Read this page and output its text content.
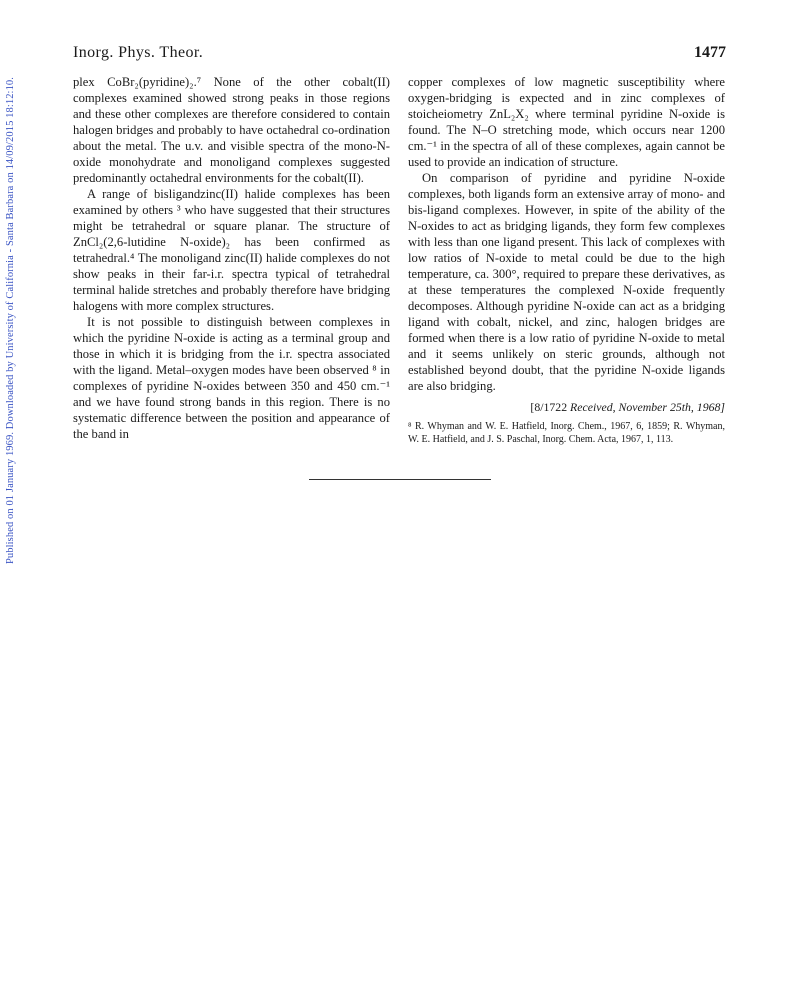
Published on 01 January 1969. Downloaded by University of California - Santa Barbara on 14/09/2015 18:12:10.
Inorg. Phys. Theor.	1477

plex CoBr₂(pyridine)₂.⁷ None of the other cobalt(II) complexes examined showed strong peaks in those regions and these other complexes are therefore considered to contain halogen bridges and probably to have octahedral co-ordination about the metal. The u.v. and visible spectra of the mono-N-oxide monohydrate and monoligand complexes suggested predominantly octahedral environments for the cobalt(II).

A range of bisligandzinc(II) halide complexes has been examined by others ³ who have suggested that their structures might be tetrahedral or square planar. The structure of ZnCl₂(2,6-lutidine N-oxide)₂ has been confirmed as tetrahedral.⁴ The monoligand zinc(II) halide complexes do not show peaks in their far-i.r. spectra typical of tetrahedral terminal halide stretches and probably therefore have bridging halogens with more complex structures.

It is not possible to distinguish between complexes in which the pyridine N-oxide is acting as a terminal group and those in which it is bridging from the i.r. spectra associated with the ligand. Metal–oxygen modes have been observed ⁸ in complexes of pyridine N-oxides between 350 and 450 cm.⁻¹ and we have found strong bands in this region. There is no systematic difference between the position and appearance of the band in

copper complexes of low magnetic susceptibility where oxygen-bridging is expected and in zinc complexes of stoicheiometry ZnL₂X₂ where terminal pyridine N-oxide is found. The N–O stretching mode, which occurs near 1200 cm.⁻¹ in the spectra of all of these complexes, again cannot be used to provide an indication of structure.

On comparison of pyridine and pyridine N-oxide complexes, both ligands form an extensive array of mono- and bis-ligand complexes. However, in spite of the ability of the N-oxides to act as bridging ligands, they form few complexes with less than one ligand present. This lack of complexes with low ratios of N-oxide to metal could be due to the high temperature, ca. 300°, required to prepare these derivatives, as at these temperatures the complexed N-oxide frequently decomposes. Although pyridine N-oxide can act as a bridging ligand with cobalt, nickel, and zinc, halogen bridges are formed when there is a low ratio of pyridine N-oxide to metal and it seems unlikely on steric grounds, although not established beyond doubt, that the pyridine N-oxide ligands are also bridging.

[8/1722 Received, November 25th, 1968]
⁸ R. Whyman and W. E. Hatfield, Inorg. Chem., 1967, 6, 1859; R. Whyman, W. E. Hatfield, and J. S. Paschal, Inorg. Chem. Acta, 1967, 1, 113.
